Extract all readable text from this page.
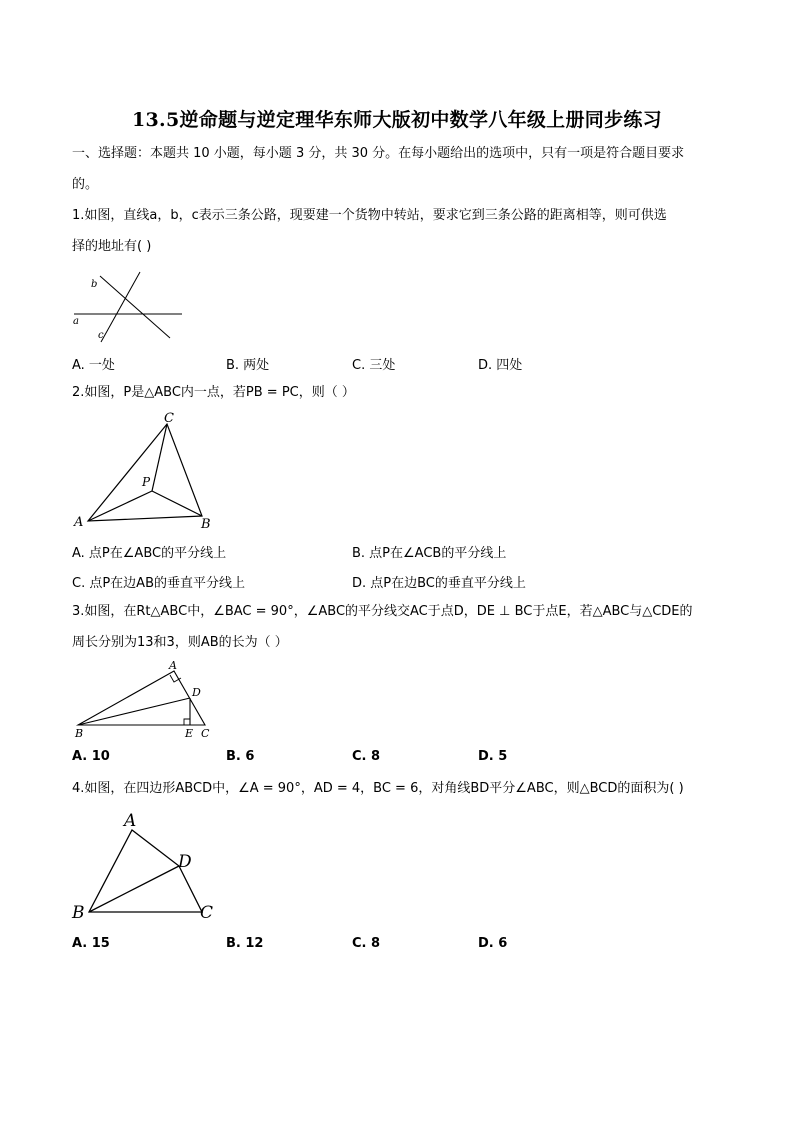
13.5逆命题与逆定理华东师大版初中数学八年级上册同步练习
一、选择题：本题共 10 小题，每小题 3 分，共 30 分。在每小题给出的选项中，只有一项是符合题目要求
的。
1.如图，直线a，b，c表示三条公路，现要建一个货物中转站，要求它到三条公路的距离相等，则可供选
择的地址有( )
b
a
c
A. 一处	B. 两处	C. 三处	D. 四处
2.如图，P是△ABC内一点，若PB = PC，则（ ）
C
P
A	B
A. 点P在∠ABC的平分线上	B. 点P在∠ACB的平分线上
C. 点P在边AB的垂直平分线上	D. 点P在边BC的垂直平分线上
3.如图，在Rt△ABC中，∠BAC = 90°，∠ABC的平分线交AC于点D，DE ⊥ BC于点E，若△ABC与△CDE的
周长分别为13和3，则AB的长为（ ）
A
D
B	E C
A. 10	B. 6	C. 8	D. 5
4.如图，在四边形ABCD中，∠A = 90°，AD = 4，BC = 6，对角线BD平分∠ABC，则△BCD的面积为( )
A
D
B	C
A. 15	B. 12	C. 8	D. 6
